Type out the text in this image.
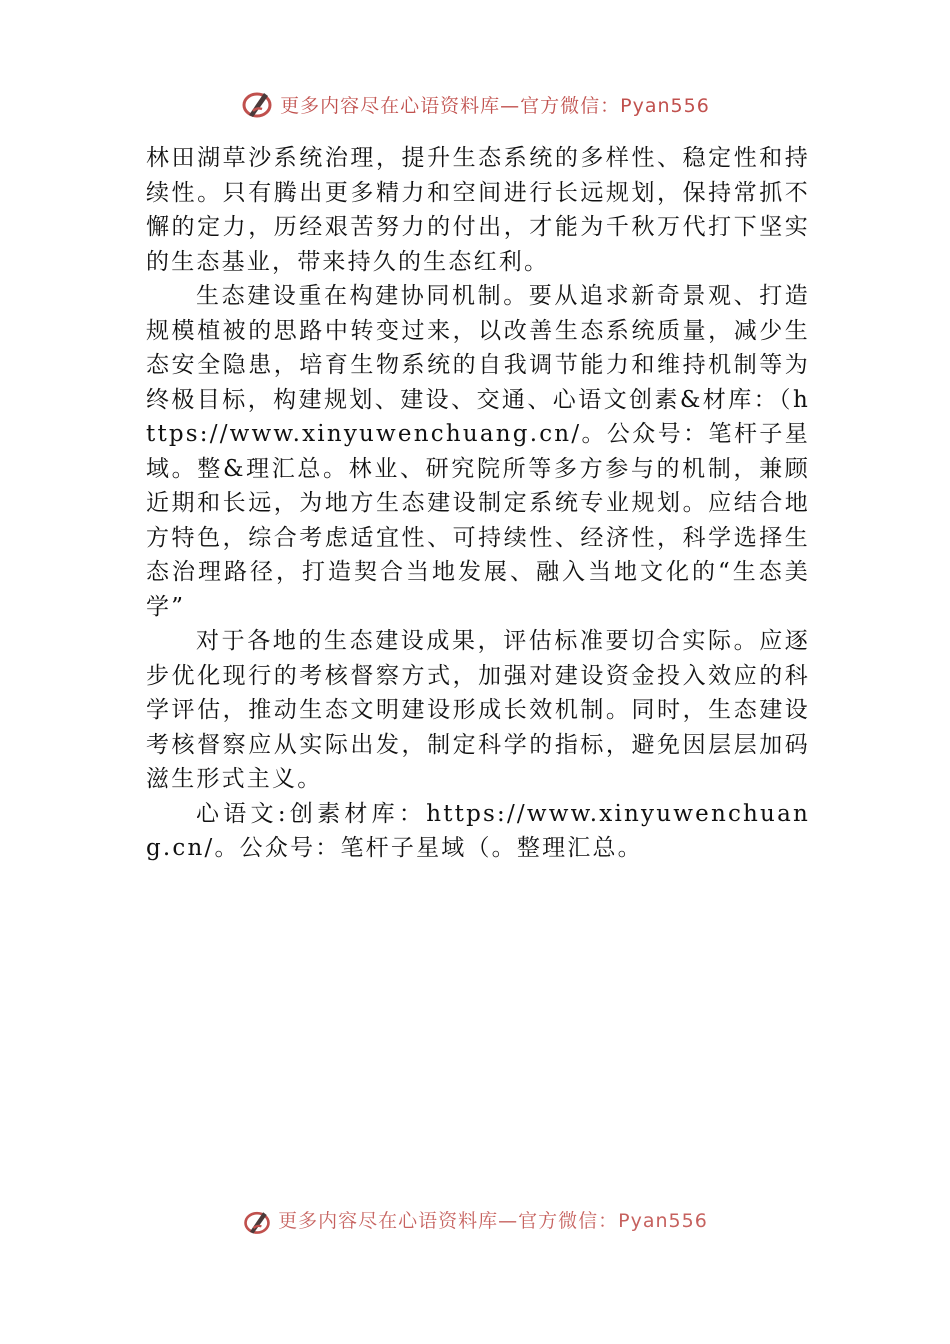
更多内容尽在心语资料库—官方微信：Pyan556

林田湖草沙系统治理，提升生态系统的多样性、稳定性和持续性。只有腾出更多精力和空间进行长远规划，保持常抓不懈的定力，历经艰苦努力的付出，才能为千秋万代打下坚实的生态基业，带来持久的生态红利。

生态建设重在构建协同机制。要从追求新奇景观、打造规模植被的思路中转变过来，以改善生态系统质量，减少生态安全隐患，培育生物系统的自我调节能力和维持机制等为终极目标，构建规划、建设、交通、心语文创素&材库：（https://www.xinyuwenchuang.cn/。公众号：笔杆子星域。整&理汇总。林业、研究院所等多方参与的机制，兼顾近期和长远，为地方生态建设制定系统专业规划。应结合地方特色，综合考虑适宜性、可持续性、经济性，科学选择生态治理路径，打造契合当地发展、融入当地文化的“生态美学”

对于各地的生态建设成果，评估标准要切合实际。应逐步优化现行的考核督察方式，加强对建设资金投入效应的科学评估，推动生态文明建设形成长效机制。同时，生态建设考核督察应从实际出发，制定科学的指标，避免因层层加码滋生形式主义。

心语文:创素材库：https://www.xinyuwenchuang.cn/。公众号：笔杆子星域（。整理汇总。

更多内容尽在心语资料库—官方微信：Pyan556
